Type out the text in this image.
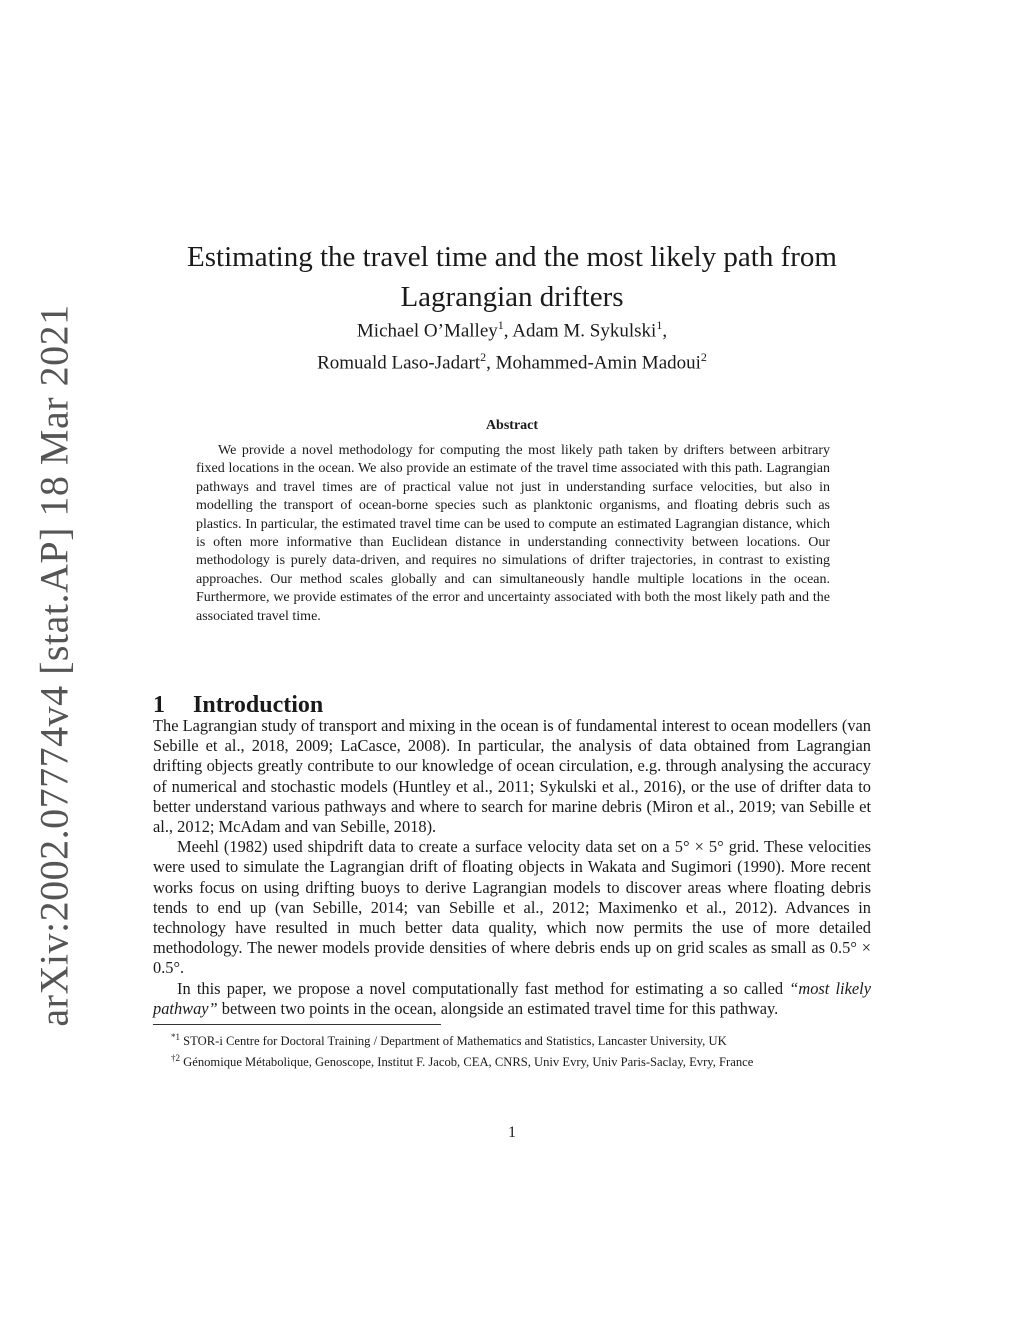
arXiv:2002.07774v4 [stat.AP] 18 Mar 2021
Estimating the travel time and the most likely path from
Lagrangian drifters
Michael O’Malley$^1$, Adam M. Sykulski$^1$,
Romuald Laso-Jadart$^2$, Mohammed-Amin Madoui$^2$
Abstract

We provide a novel methodology for computing the most likely path taken by drifters between arbitrary fixed locations in the ocean. We also provide an estimate of the travel time associated with this path. Lagrangian pathways and travel times are of practical value not just in understanding surface velocities, but also in modelling the transport of ocean-borne species such as planktonic organisms, and floating debris such as plastics. In particular, the estimated travel time can be used to compute an estimated Lagrangian distance, which is often more informative than Euclidean distance in understanding connectivity between locations. Our methodology is purely data-driven, and requires no simulations of drifter trajectories, in contrast to existing approaches. Our method scales globally and can simultaneously handle multiple locations in the ocean. Furthermore, we provide estimates of the error and uncertainty associated with both the most likely path and the associated travel time.

1 Introduction

The Lagrangian study of transport and mixing in the ocean is of fundamental interest to ocean modellers (van Sebille et al., 2018, 2009; LaCasce, 2008). In particular, the analysis of data obtained from Lagrangian drifting objects greatly contribute to our knowledge of ocean circulation, e.g. through analysing the accuracy of numerical and stochastic models (Huntley et al., 2011; Sykulski et al., 2016), or the use of drifter data to better understand various pathways and where to search for marine debris (Miron et al., 2019; van Sebille et al., 2012; McAdam and van Sebille, 2018).

Meehl (1982) used shipdrift data to create a surface velocity data set on a 5° × 5° grid. These velocities were used to simulate the Lagrangian drift of floating objects in Wakata and Sugimori (1990). More recent works focus on using drifting buoys to derive Lagrangian models to discover areas where floating debris tends to end up (van Sebille, 2014; van Sebille et al., 2012; Maximenko et al., 2012). Advances in technology have resulted in much better data quality, which now permits the use of more detailed methodology. The newer models provide densities of where debris ends up on grid scales as small as 0.5° × 0.5°.

In this paper, we propose a novel computationally fast method for estimating a so called “most likely pathway” between two points in the ocean, alongside an estimated travel time for this pathway.

$^{*1}$ STOR-i Centre for Doctoral Training / Department of Mathematics and Statistics, Lancaster University, UK

$^{\dagger 2}$ Génomique Métabolique, Genoscope, Institut F. Jacob, CEA, CNRS, Univ Evry, Univ Paris-Saclay, Evry, France

1
